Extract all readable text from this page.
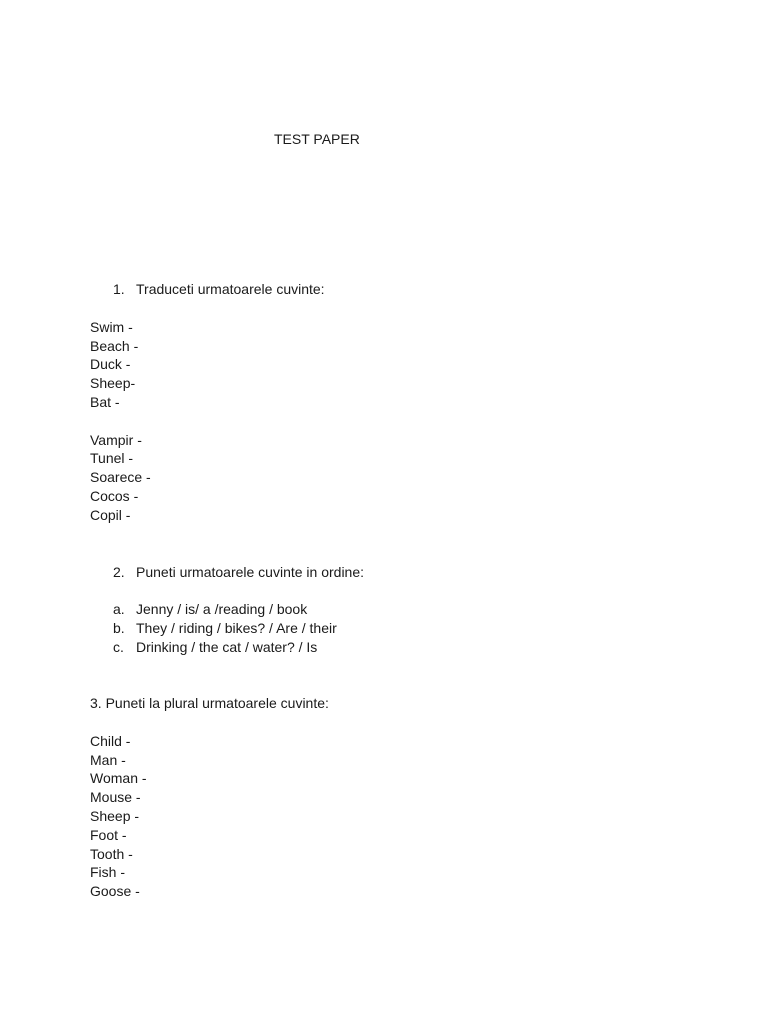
TEST PAPER
1. Traduceti urmatoarele cuvinte:
Swim -
Beach -
Duck -
Sheep-
Bat -
Vampir -
Tunel -
Soarece -
Cocos -
Copil -
2. Puneti urmatoarele cuvinte in ordine:
a. Jenny / is/ a /reading / book
b. They / riding / bikes? / Are / their
c. Drinking / the cat / water? / Is
3. Puneti la plural urmatoarele cuvinte:
Child -
Man -
Woman -
Mouse -
Sheep -
Foot -
Tooth -
Fish -
Goose -
